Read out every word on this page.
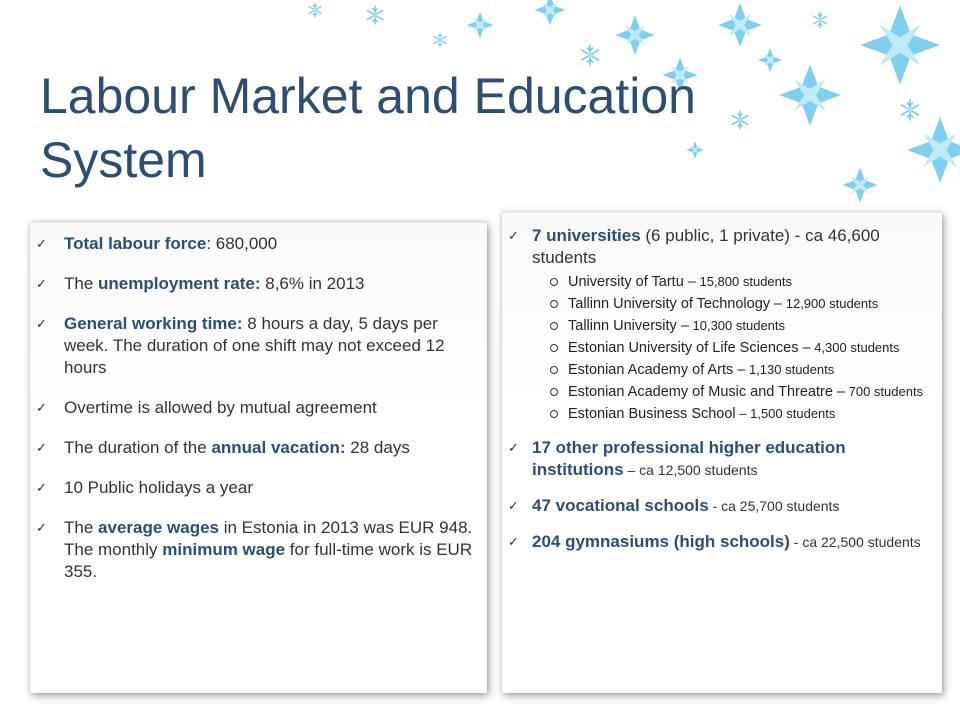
Labour Market and Education System
✓ Total labour force: 680,000
✓ The unemployment rate: 8,6% in 2013
✓ General working time: 8 hours a day, 5 days per week. The duration of one shift may not exceed 12 hours
✓ Overtime is allowed by mutual agreement
✓ The duration of the annual vacation: 28 days
✓ 10 Public holidays a year
✓ The average wages in Estonia in 2013 was EUR 948. The monthly minimum wage for full-time work is EUR 355.
✓ 7 universities (6 public, 1 private) - ca 46,600 students
University of Tartu – 15,800 students
Tallinn University of Technology – 12,900 students
Tallinn University – 10,300 students
Estonian University of Life Sciences – 4,300 students
Estonian Academy of Arts – 1,130 students
Estonian Academy of Music and Threatre – 700 students
Estonian Business School – 1,500 students
✓ 17 other professional higher education institutions – ca 12,500 students
✓ 47 vocational schools - ca 25,700 students
✓ 204 gymnasiums (high schools) - ca 22,500 students
